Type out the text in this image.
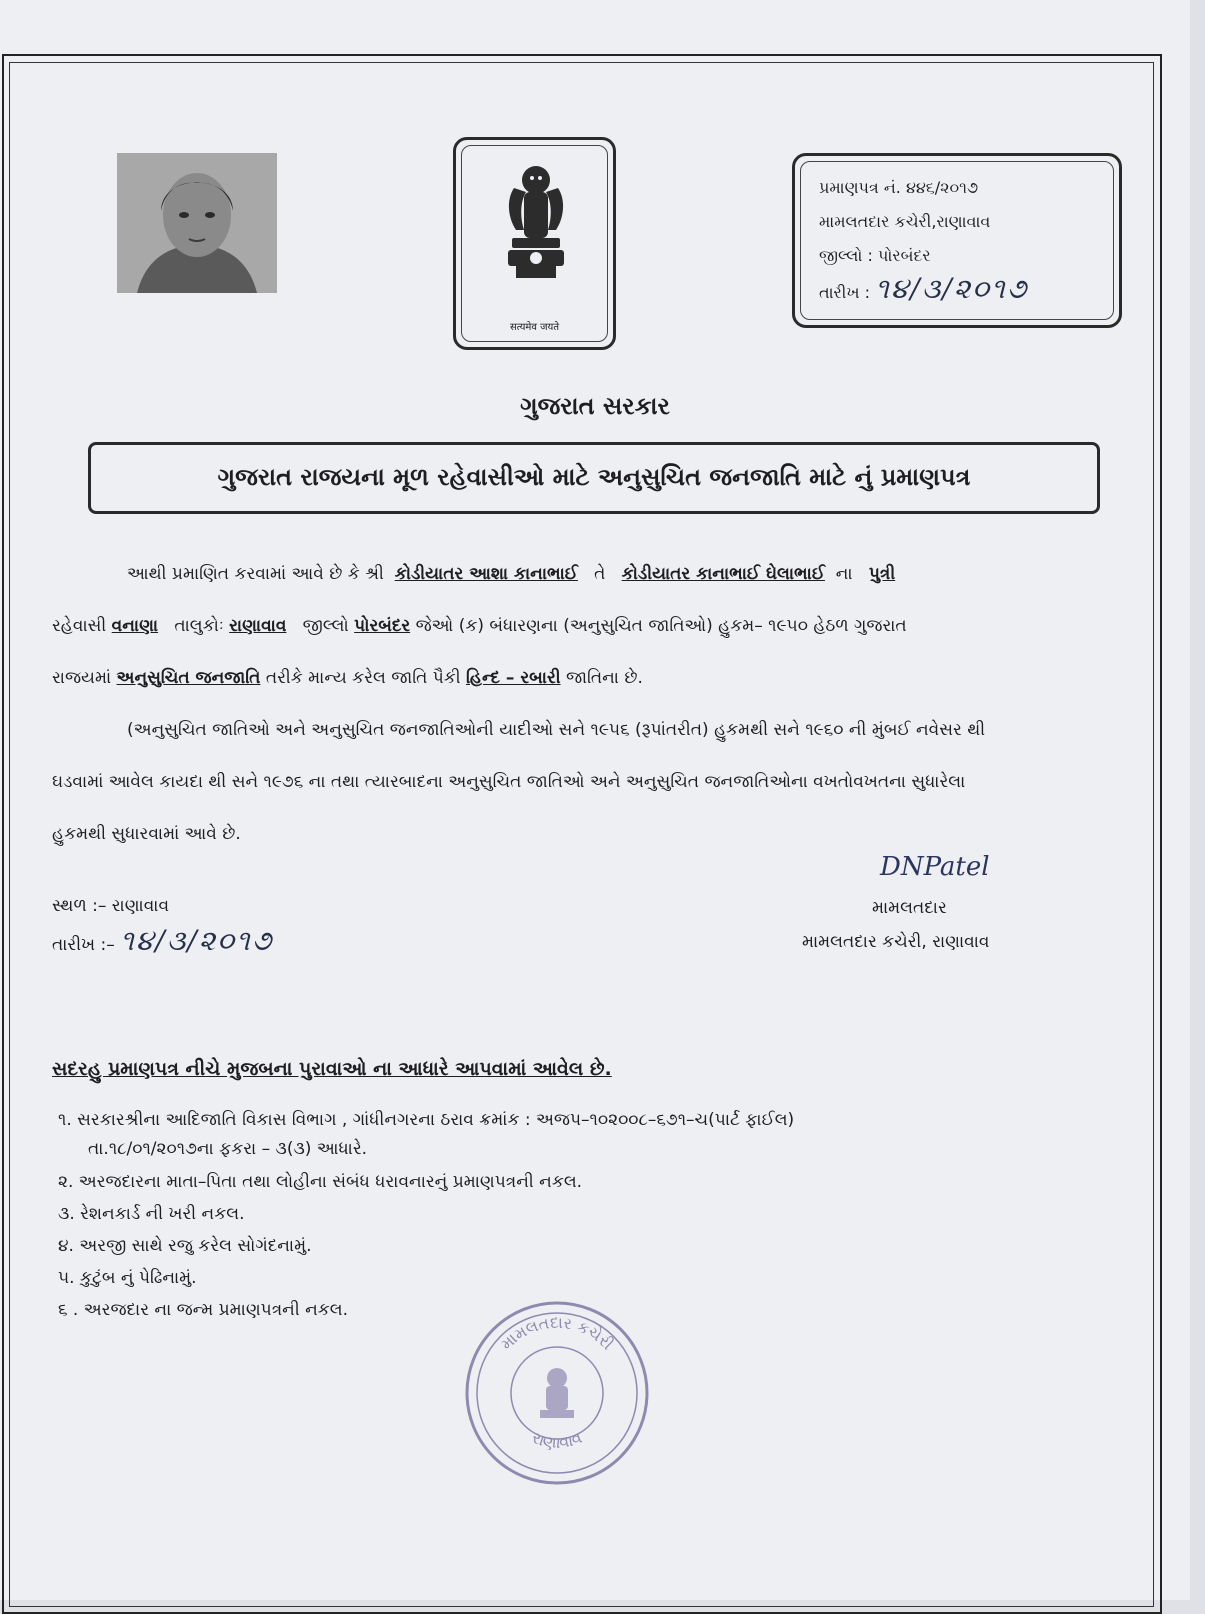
सत्यमेव जयते
પ્રમાણપત્ર નં. ૪૪૬/૨૦૧૭
મામલતદાર કચેરી,રાણાવાવ
જીલ્લો : પોરબંદર
તારીખ : ૧૪/૩/૨૦૧૭
ગુજરાત સરકાર
ગુજરાત રાજયના મૂળ રહેવાસીઓ માટે અનુસુચિત જનજાતિ માટે નું પ્રમાણપત્ર
આથી પ્રમાણિત કરવામાં આવે છે કે શ્રી કોડીયાતર આશા કાનાભાઈ તે કોડીયાતર કાનાભાઈ ઘેલાભાઈ ના પુત્રી
રહેવાસી વનાણા તાલુકોઃ રાણાવાવ જીલ્લો પોરબંદર જેઓ (ક) બંધારણના (અનુસુચિત જાતિઓ) હુકમ– ૧૯૫૦ હેઠળ ગુજરાત
રાજયમાં અનુસુચિત જનજાતિ તરીકે માન્ય કરેલ જાતિ પૈકી હિન્દ – રબારી જાતિના છે.
(અનુસુચિત જાતિઓ અને અનુસુચિત જનજાતિઓની યાદીઓ સને ૧૯૫૬ (રૂપાંતરીત) હુકમથી સને ૧૯૬૦ ની મુંબઈ નવેસર થી
ઘડવામાં આવેલ કાયદા થી સને ૧૯૭૬ ના તથા ત્યારબાદના અનુસુચિત જાતિઓ અને અનુસુચિત જનજાતિઓના વખતોવખતના સુધારેલા
હુકમથી સુધારવામાં આવે છે.
સ્થળ :– રાણાવાવ
તારીખ :– ૧૪/૩/૨૦૧૭
DNPatel
મામલતદાર
મામલતદાર કચેરી, રાણાવાવ
સદરહુ પ્રમાણપત્ર નીચે મુજબના પુરાવાઓ ના આધારે આપવામાં આવેલ છે.
૧. સરકારશ્રીના આદિજાતિ વિકાસ વિભાગ , ગાંધીનગરના ઠરાવ ક્રમાંક : અજપ–૧૦૨૦૦૮–૬૭૧–ચ(પાર્ટ ફાઈલ)
તા.૧૮/૦૧/૨૦૧૭ના ફકરા – ૩(૩) આધારે.
૨. અરજદારના માતા–પિતા તથા લોહીના સંબંધ ધરાવનારનું પ્રમાણપત્રની નકલ.
૩. રેશનકાર્ડ ની ખરી નકલ.
૪. અરજી સાથે રજુ કરેલ સોગંદનામું.
૫. કુટુંબ નું પેઢિનામું.
૬ . અરજદાર ના જન્મ પ્રમાણપત્રની નકલ.
મામલતદાર કચેરી
રાણાવાવ
